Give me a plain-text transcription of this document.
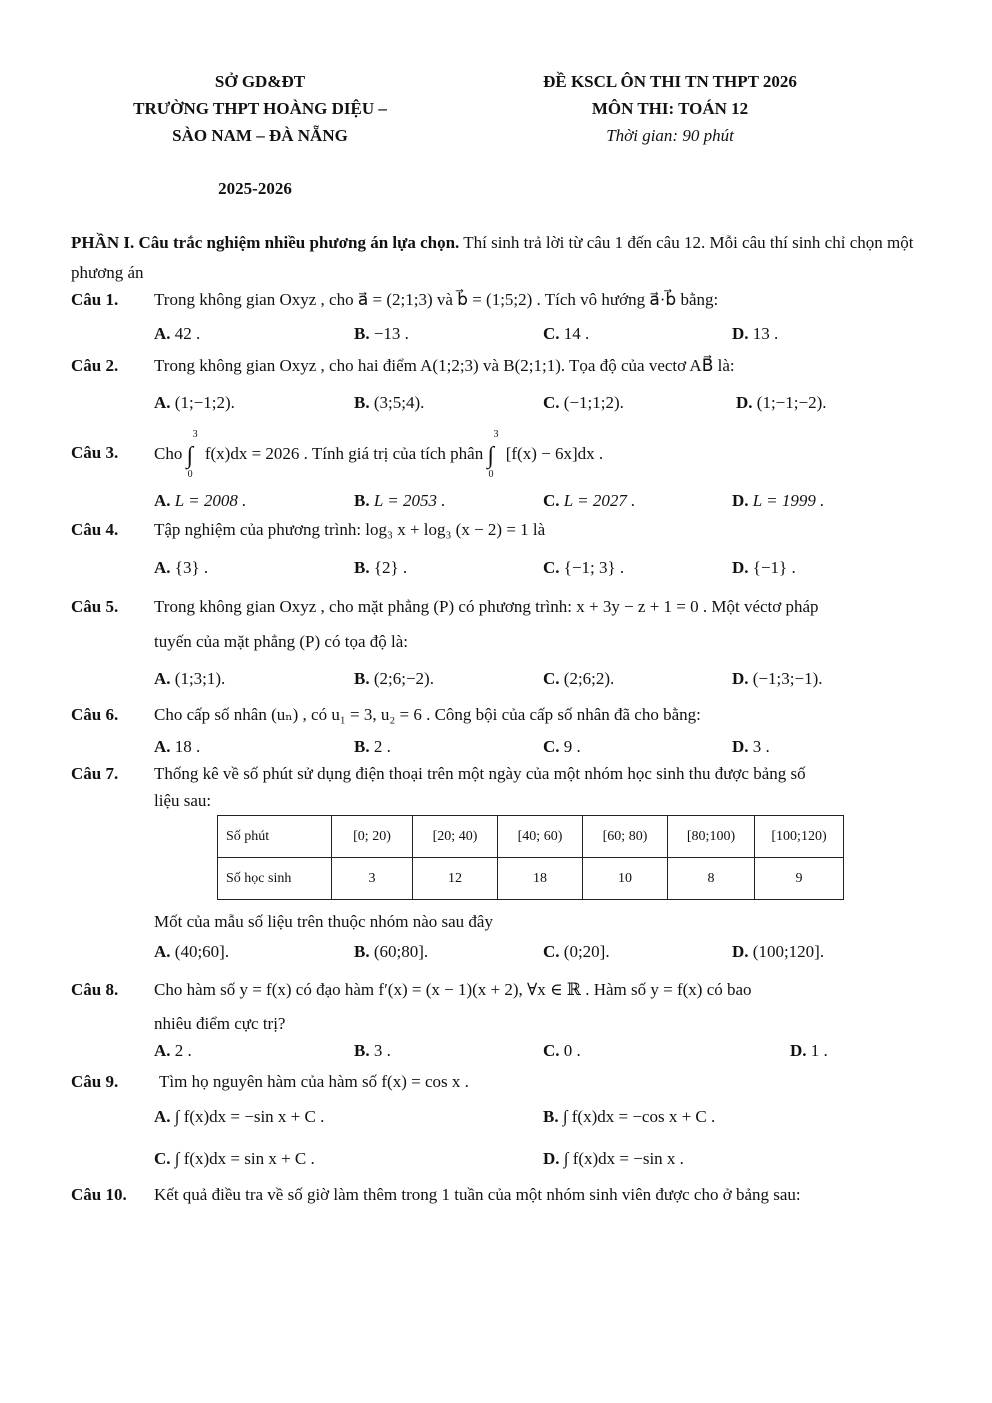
SỞ GD&ĐT
TRƯỜNG THPT HOÀNG DIỆU –
SÀO NAM – ĐÀ NẴNG
2025-2026
ĐỀ KSCL ÔN THI TN THPT 2026
MÔN THI: TOÁN 12
Thời gian: 90 phút
PHẦN I. Câu trắc nghiệm nhiều phương án lựa chọn. Thí sinh trả lời từ câu 1 đến câu 12. Mỗi câu thí sinh chỉ chọn một phương án
Câu 1. Trong không gian Oxyz , cho a⃗ = (2;1;3) và b⃗ = (1;5;2) . Tích vô hướng a⃗·b⃗ bằng:
A. 42 .	B. −13 .	C. 14 .	D. 13 .
Câu 2. Trong không gian Oxyz , cho hai điểm A(1;2;3) và B(2;1;1). Tọa độ của vectơ AB⃗ là:
A. (1;−1;2).	B. (3;5;4).	C. (−1;1;2).	D. (1;−1;−2).
Câu 3. Cho ∫
3
0
f(x)dx = 2026 . Tính giá trị của tích phân ∫
3
0
[f(x) − 6x]dx .
A. L = 2008 .	B. L = 2053 .	C. L = 2027 .	D. L = 1999 .
Câu 4. Tập nghiệm của phương trình: log₃ x + log₃ (x − 2) = 1 là
A. {3} .	B. {2} .	C. {−1; 3} .	D. {−1} .
Câu 5. Trong không gian Oxyz , cho mặt phẳng (P) có phương trình: x + 3y − z + 1 = 0 . Một véctơ pháp
tuyến của mặt phẳng (P) có tọa độ là:
A. (1;3;1).	B. (2;6;−2).	C. (2;6;2).	D. (−1;3;−1).
Câu 6. Cho cấp số nhân (uₙ) , có u₁ = 3, u₂ = 6 . Công bội của cấp số nhân đã cho bằng:
A. 18 .	B. 2 .	C. 9 .	D. 3 .
Câu 7. Thống kê về số phút sử dụng điện thoại trên một ngày của một nhóm học sinh thu được bảng số
liệu sau:
Số phút	[0; 20)	[20; 40)	[40; 60)	[60; 80)	[80;100)	[100;120)
Số học sinh	3	12	18	10	8	9
Mốt của mẫu số liệu trên thuộc nhóm nào sau đây
A. (40;60].	B. (60;80].	C. (0;20].	D. (100;120].
Câu 8. Cho hàm số y = f(x) có đạo hàm f′(x) = (x − 1)(x + 2), ∀x ∈ ℝ . Hàm số y = f(x) có bao
nhiêu điểm cực trị?
A. 2 .	B. 3 .	C. 0 .	D. 1 .
Câu 9. Tìm họ nguyên hàm của hàm số f(x) = cos x .
A. ∫ f(x)dx = −sin x + C .	B. ∫ f(x)dx = −cos x + C .
C. ∫ f(x)dx = sin x + C .	D. ∫ f(x)dx = −sin x .
Câu 10. Kết quả điều tra về số giờ làm thêm trong 1 tuần của một nhóm sinh viên được cho ở bảng sau:
